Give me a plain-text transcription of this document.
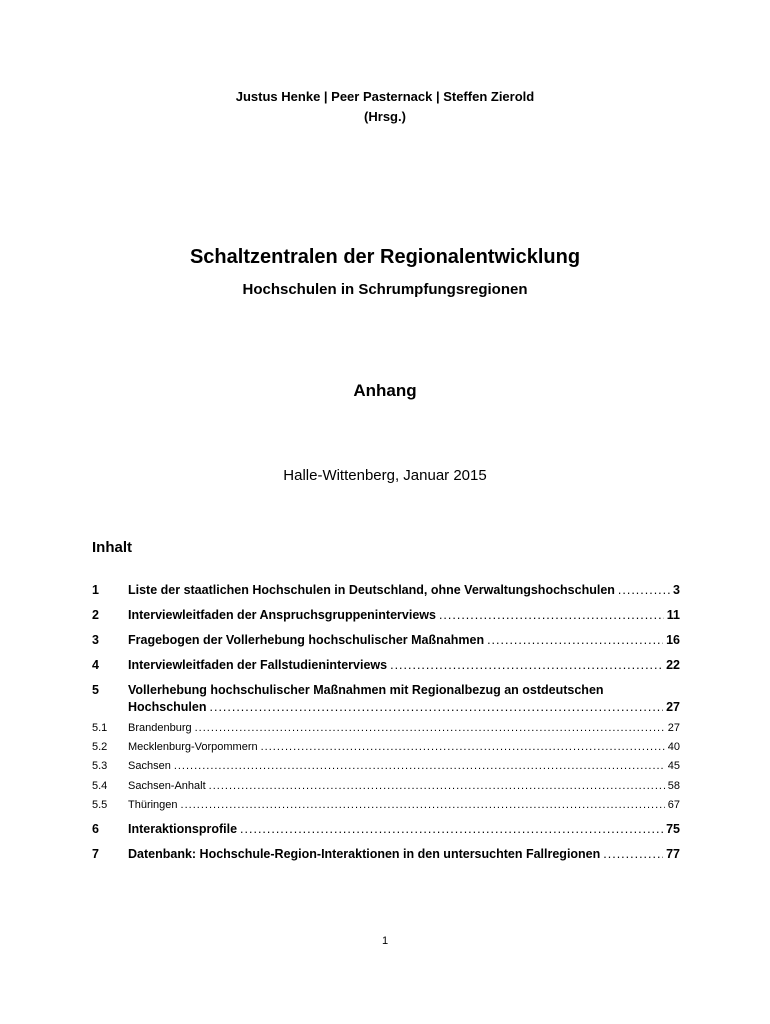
Justus Henke | Peer Pasternack | Steffen Zierold
(Hrsg.)
Schaltzentralen der Regionalentwicklung
Hochschulen in Schrumpfungsregionen
Anhang
Halle-Wittenberg, Januar 2015
Inhalt
1	Liste der staatlichen Hochschulen in Deutschland, ohne Verwaltungshochschulen .....	3
2	Interviewleitfaden der Anspruchsgruppeninterviews .....	11
3	Fragebogen der Vollerhebung hochschulischer Maßnahmen .....	16
4	Interviewleitfaden der Fallstudieninterviews .....	22
5	Vollerhebung hochschulischer Maßnahmen mit Regionalbezug an ostdeutschen
Hochschulen .....	27
5.1	Brandenburg .....	27
5.2	Mecklenburg-Vorpommern .....	40
5.3	Sachsen .....	45
5.4	Sachsen-Anhalt .....	58
5.5	Thüringen .....	67
6	Interaktionsprofile .....	75
7	Datenbank: Hochschule-Region-Interaktionen in den untersuchten Fallregionen .....	77
1
